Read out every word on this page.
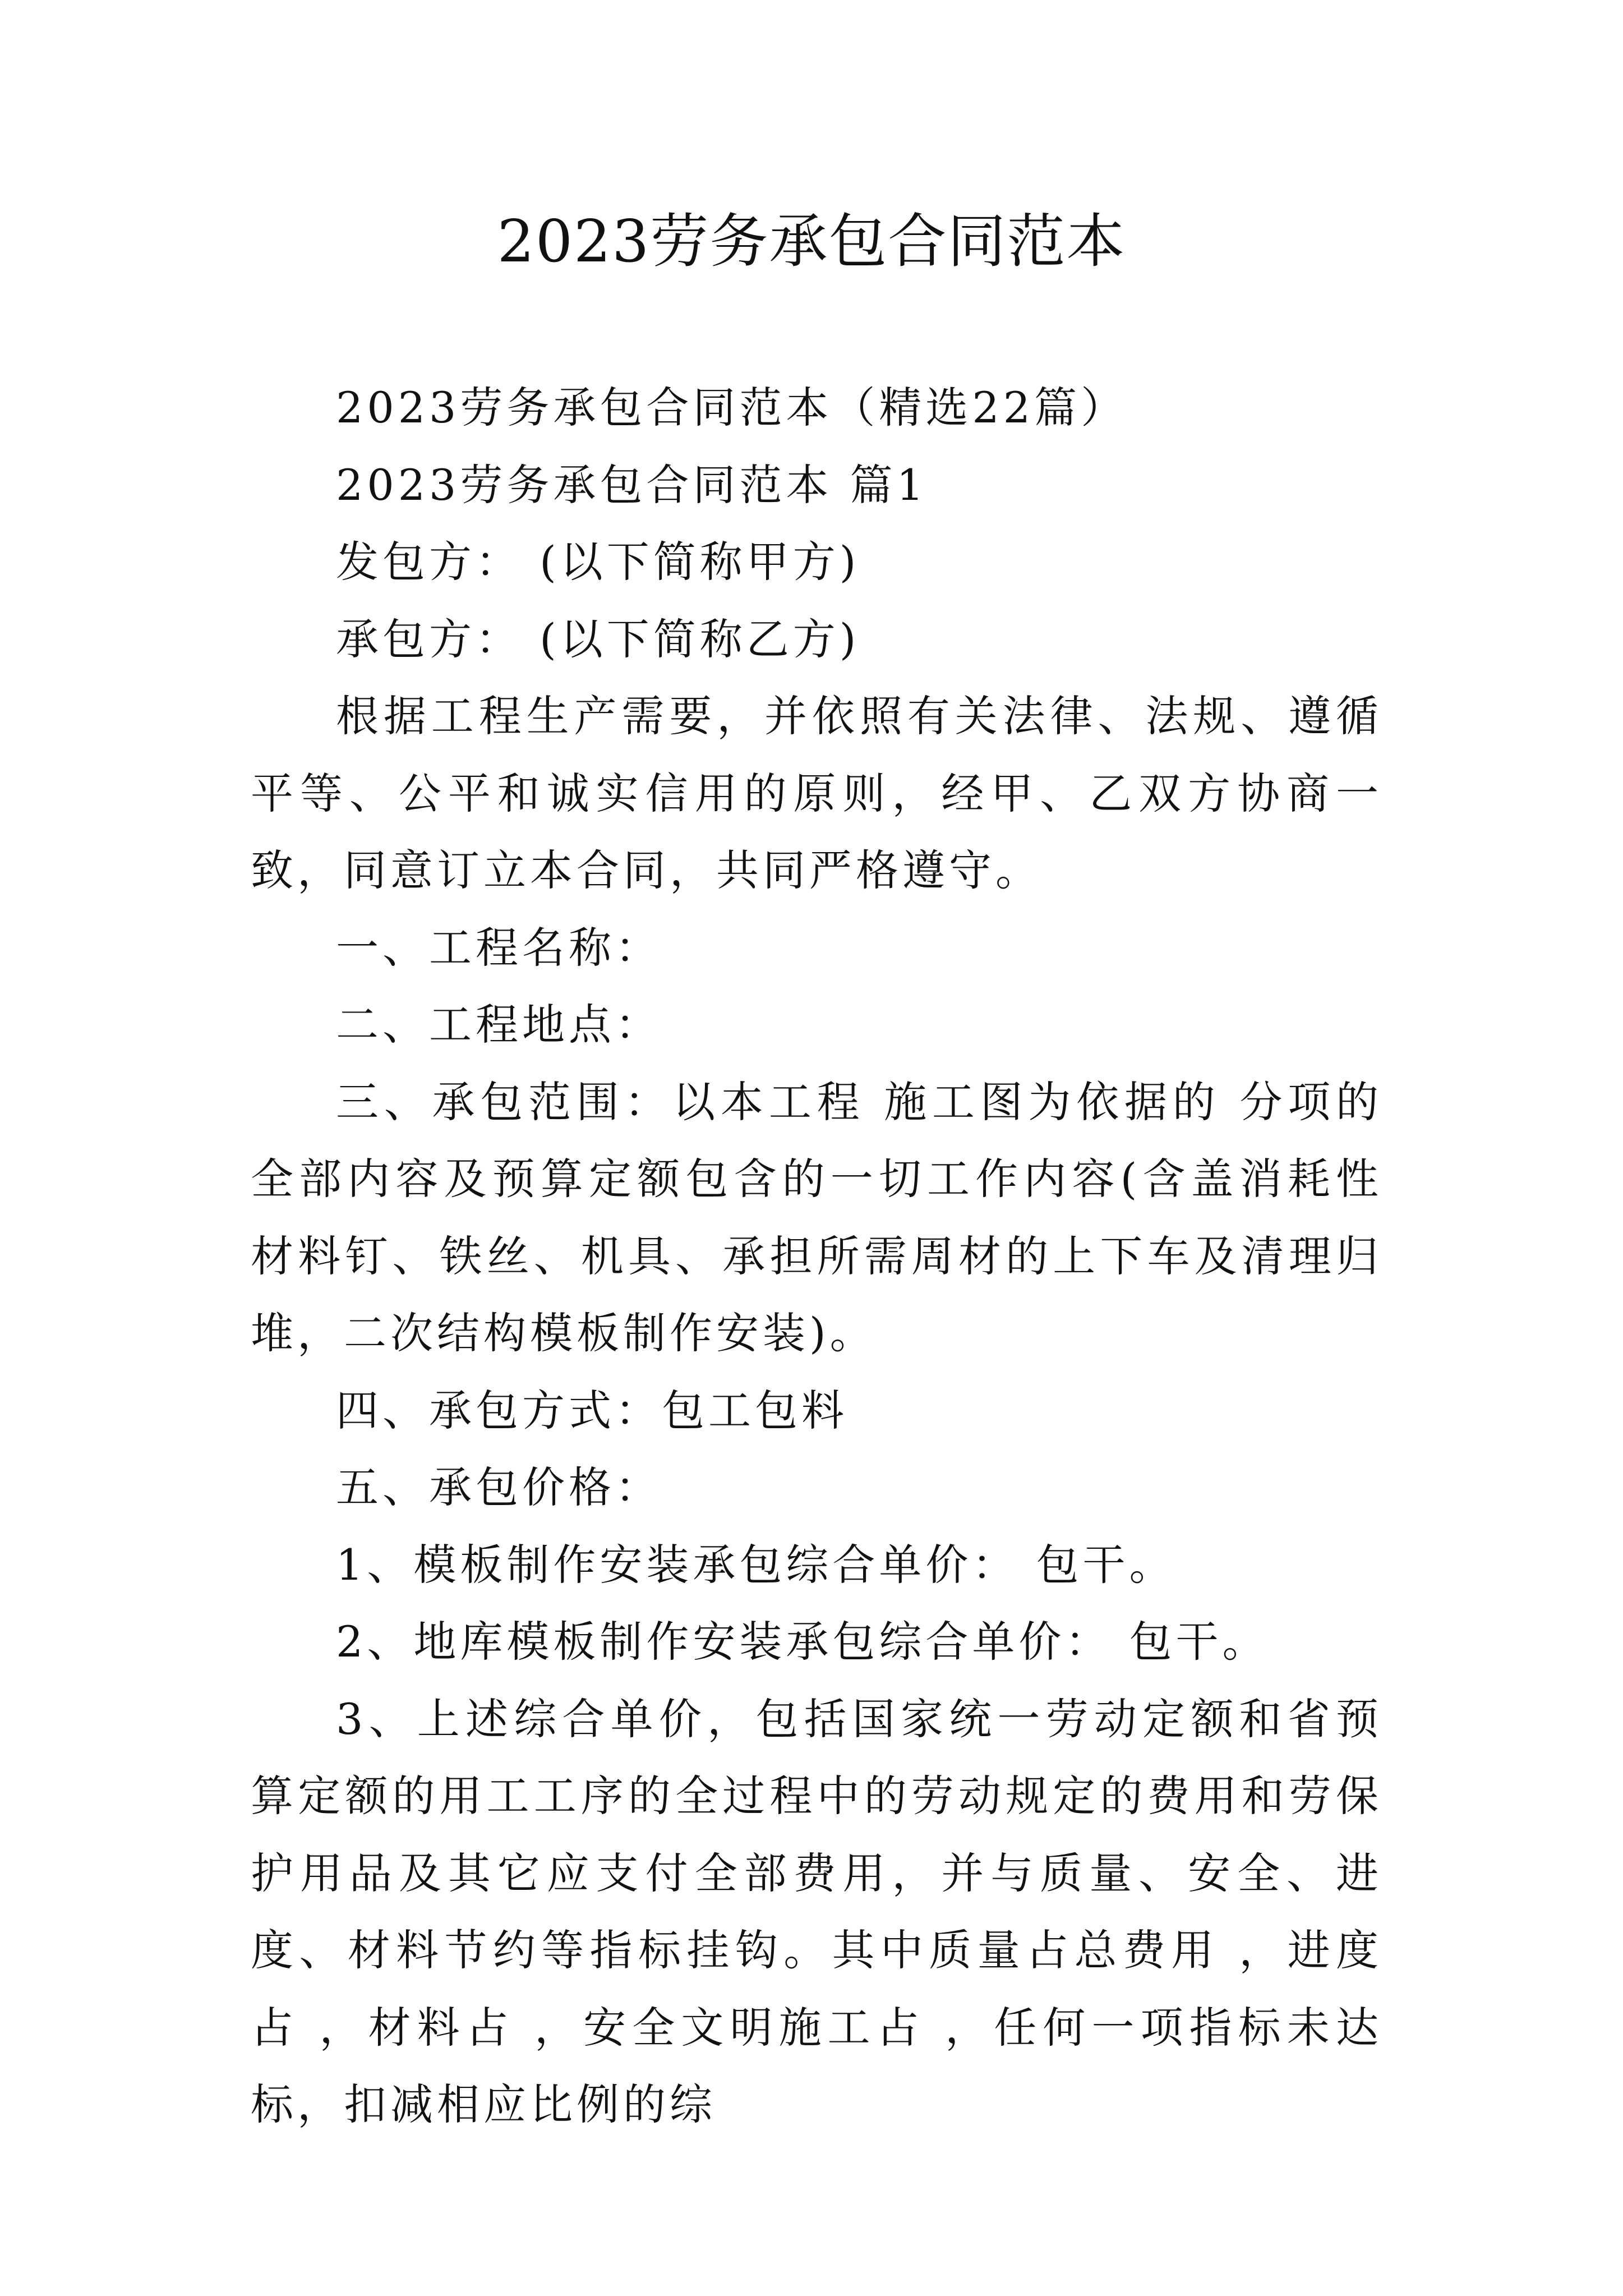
2023劳务承包合同范本

2023劳务承包合同范本（精选22篇）

2023劳务承包合同范本 篇1

发包方： (以下简称甲方)

承包方： (以下简称乙方)

根据工程生产需要，并依照有关法律、法规、遵循平等、公平和诚实信用的原则，经甲、乙双方协商一致，同意订立本合同，共同严格遵守。

一、工程名称：

二、工程地点：

三、承包范围：以本工程 施工图为依据的 分项的全部内容及预算定额包含的一切工作内容(含盖消耗性材料钉、铁丝、机具、承担所需周材的上下车及清理归堆，二次结构模板制作安装)。

四、承包方式：包工包料

五、承包价格：

1、模板制作安装承包综合单价： 包干。

2、地库模板制作安装承包综合单价： 包干。

3、上述综合单价，包括国家统一劳动定额和省预算定额的用工工序的全过程中的劳动规定的费用和劳保护用品及其它应支付全部费用，并与质量、安全、进度、材料节约等指标挂钩。其中质量占总费用 ，进度占 ，材料占 ，安全文明施工占 ，任何一项指标未达标，扣减相应比例的综
